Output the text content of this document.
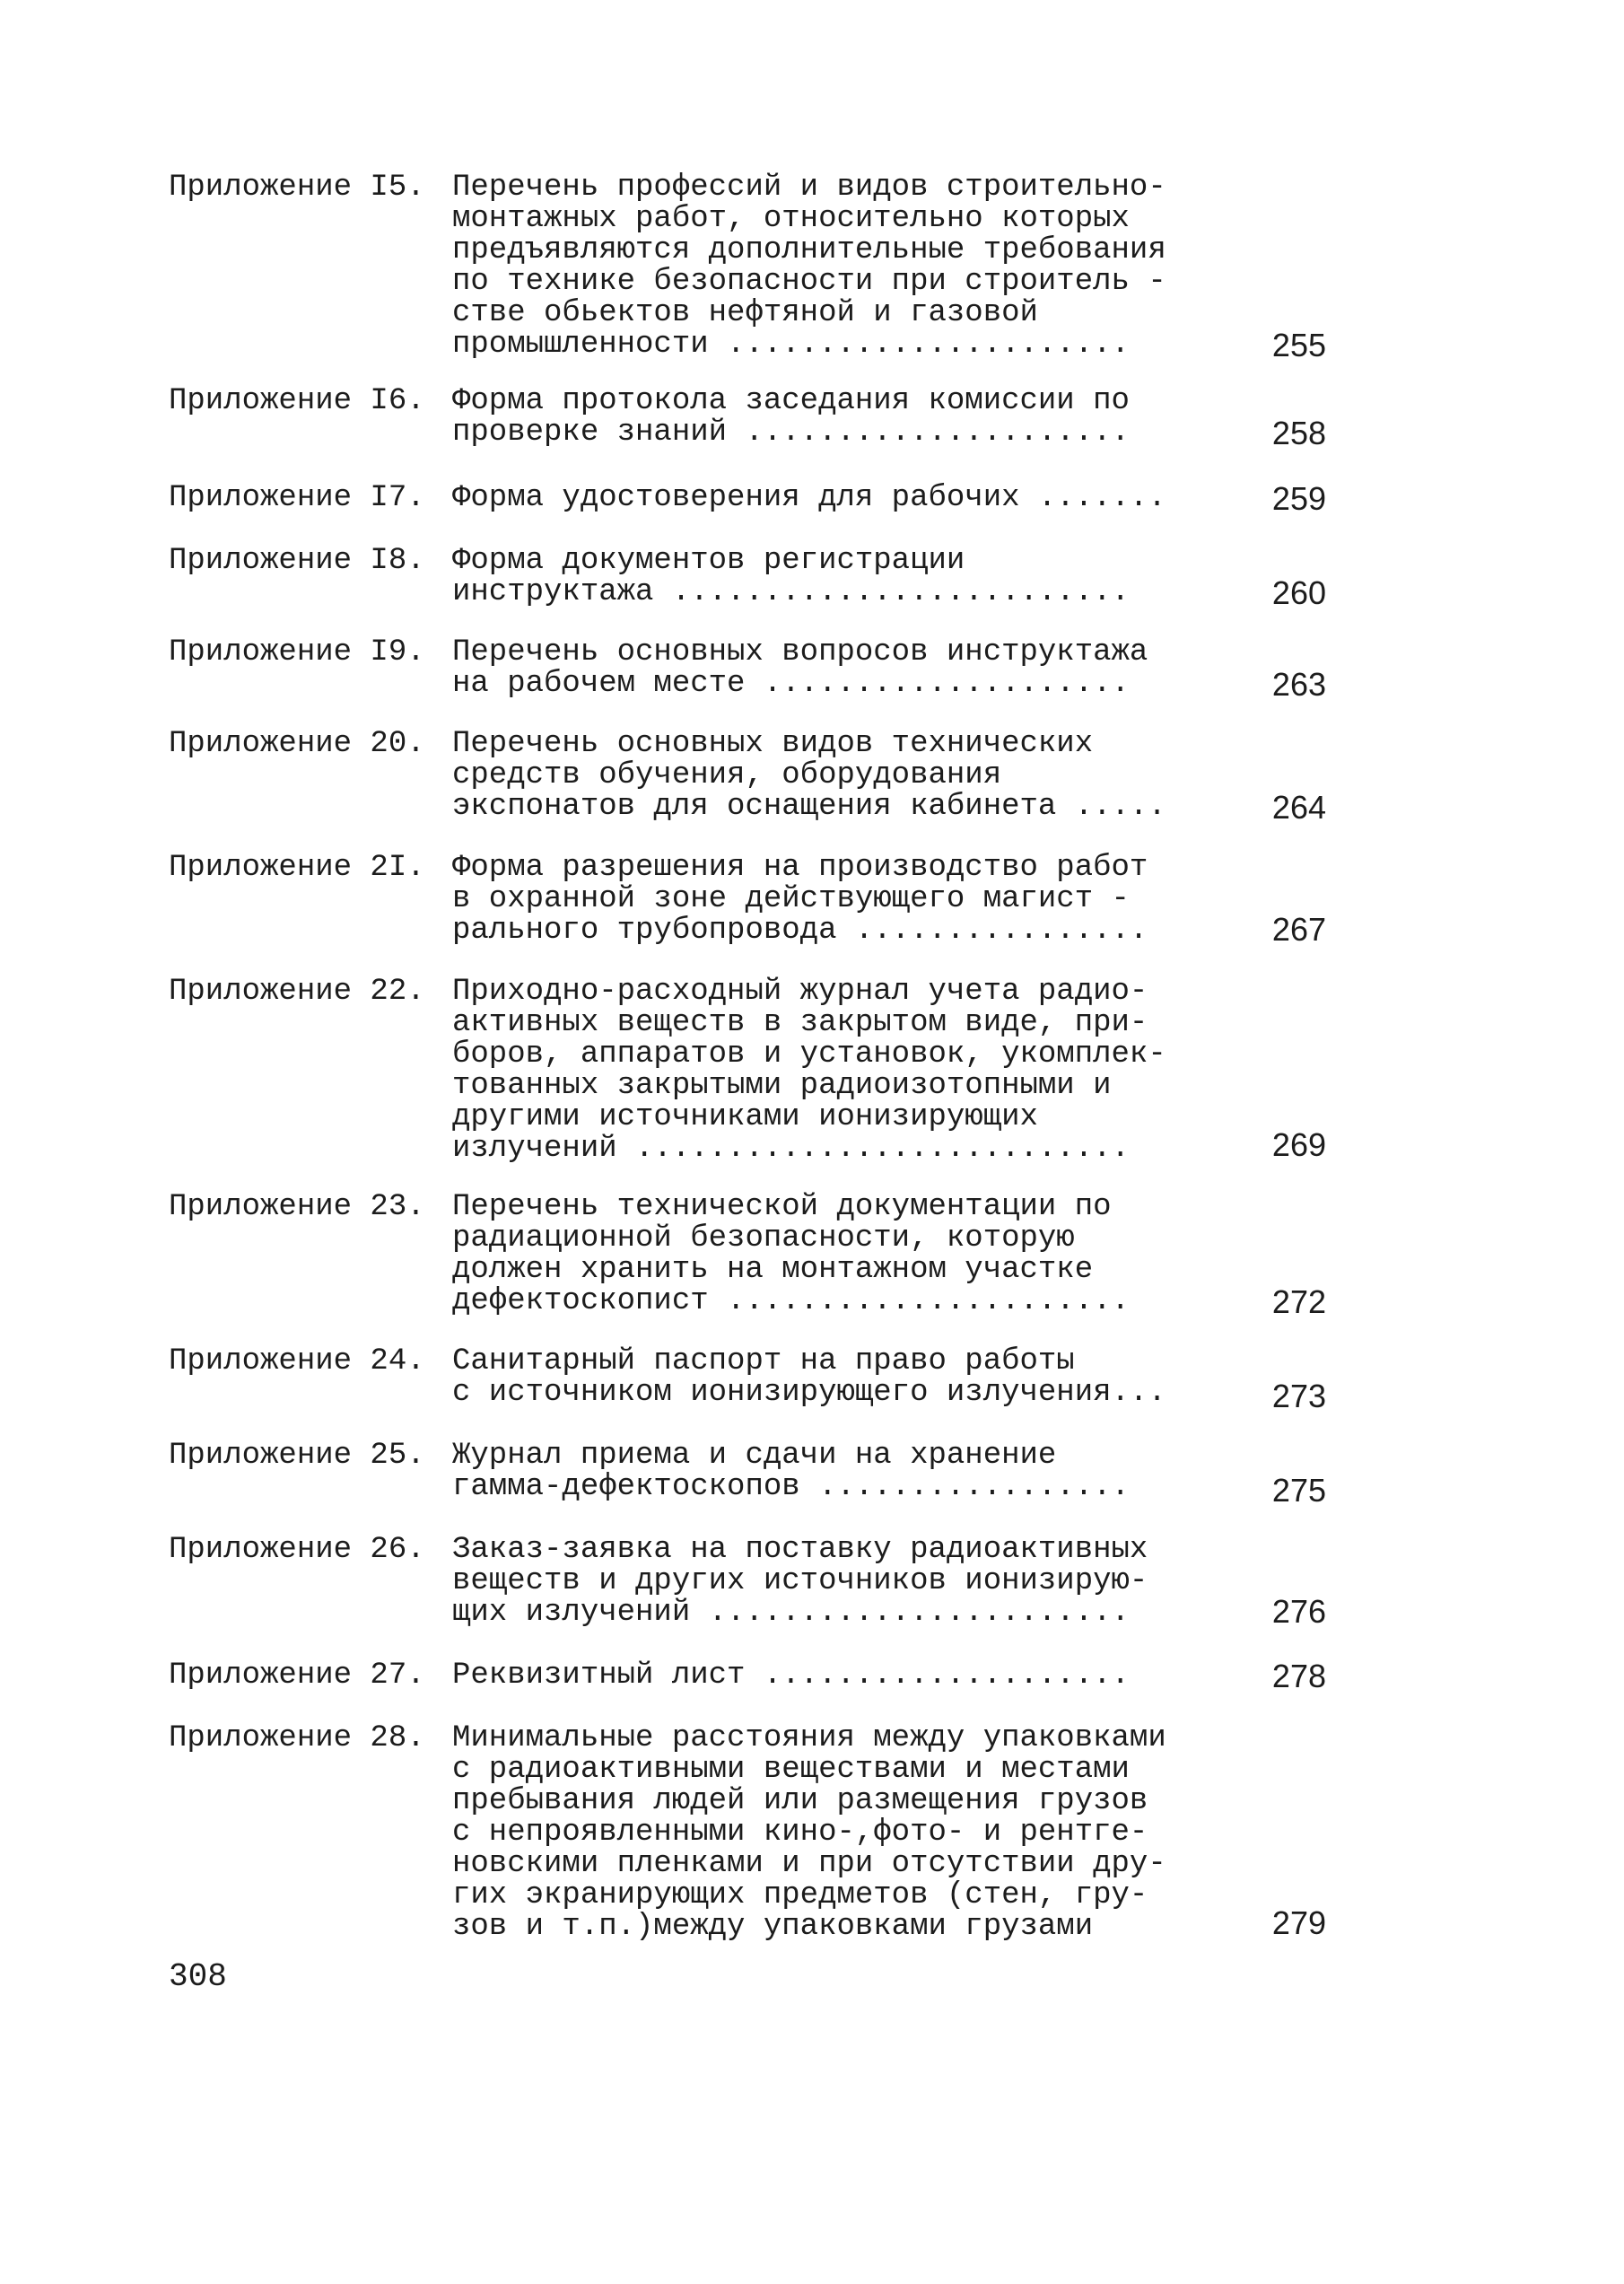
Приложение I5. Перечень профессий и видов строительно-
монтажных работ, относительно которых
предъявляются дополнительные требования
по технике безопасности при строитель -
стве обьектов нефтяной и газовой
промышленности ......................	255
Приложение I6. Форма протокола заседания комиссии по
проверке знаний .....................	258
Приложение I7. Форма удостоверения для рабочих .......	259
Приложение I8. Форма документов регистрации
инструктажа .........................	260
Приложение I9. Перечень основных вопросов инструктажа
на рабочем месте ....................	263
Приложение 20. Перечень основных видов технических
средств обучения, оборудования
экспонатов для оснащения кабинета .....	264
Приложение 2I. Форма разрешения на производство работ
в охранной зоне действующего магист -
рального трубопровода ................	267
Приложение 22. Приходно-расходный журнал учета радио-
активных веществ в закрытом виде, при-
боров, аппаратов и установок, укомплек-
тованных закрытыми радиоизотопными и
другими источниками ионизирующих
излучений ...........................	269
Приложение 23. Перечень технической документации по
радиационной безопасности, которую
должен хранить на монтажном участке
дефектоскопист ......................	272
Приложение 24. Санитарный паспорт на право работы
с источником ионизирующего излучения...	273
Приложение 25. Журнал приема и сдачи на хранение
гамма-дефектоскопов .................	275
Приложение 26. Заказ-заявка на поставку радиоактивных
веществ и других источников ионизирую-
щих излучений .......................	276
Приложение 27. Реквизитный лист ....................	278
Приложение 28. Минимальные расстояния между упаковками
с радиоактивными веществами и местами
пребывания людей или размещения грузов
с непроявленными кино-,фото- и рентге-
новскими пленками и при отсутствии дру-
гих экранирующих предметов (стен, гру-
зов и т.п.)между упаковками грузами	279
308
